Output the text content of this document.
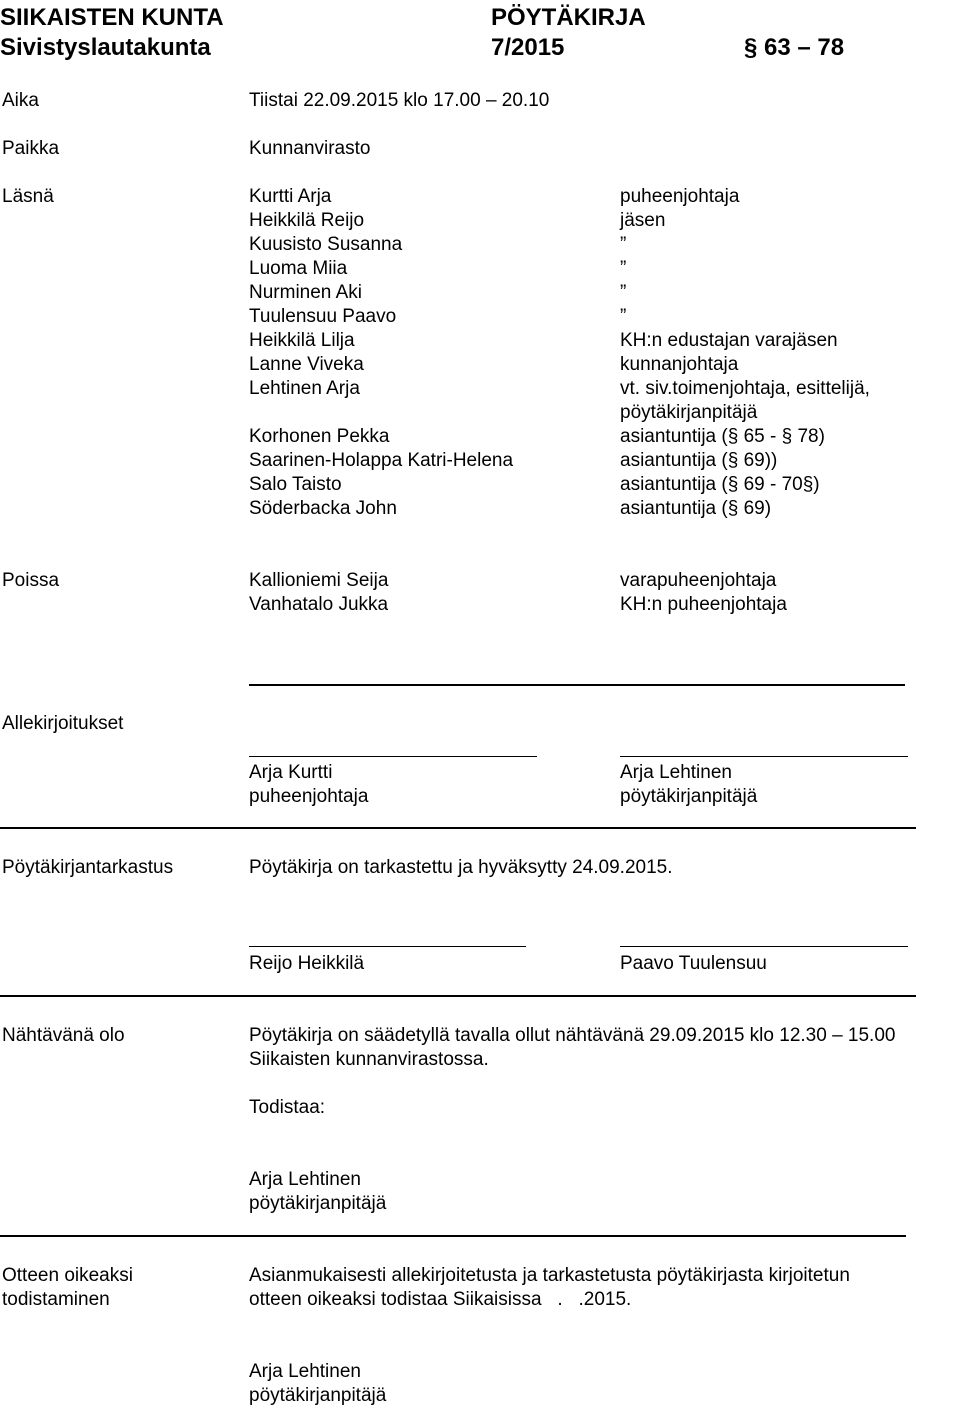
SIIKAISTEN KUNTA	PÖYTÄKIRJA
Sivistyslautakunta	7/2015	§ 63 – 78
Aika	Tiistai 22.09.2015 klo 17.00 – 20.10
Paikka	Kunnanvirasto
Läsnä	Kurtti Arja	puheenjohtaja
Heikkilä Reijo	jäsen
Kuusisto Susanna	”
Luoma Miia	”
Nurminen Aki	”
Tuulensuu Paavo	”
Heikkilä Lilja	KH:n edustajan varajäsen
Lanne Viveka	kunnanjohtaja
Lehtinen Arja	vt. siv.toimenjohtaja, esittelijä,
pöytäkirjanpitäjä
Korhonen Pekka	asiantuntija (§ 65 - § 78)
Saarinen-Holappa Katri-Helena	asiantuntija (§ 69))
Salo Taisto	asiantuntija (§ 69 - 70§)
Söderbacka John	asiantuntija (§ 69)
Poissa	Kallioniemi Seija	varapuheenjohtaja
Vanhatalo Jukka	KH:n puheenjohtaja
Allekirjoitukset
Arja Kurtti
puheenjohtaja
Arja Lehtinen
pöytäkirjanpitäjä
Pöytäkirjantarkastus	Pöytäkirja on tarkastettu ja hyväksytty 24.09.2015.
Reijo Heikkilä	Paavo Tuulensuu
Nähtävänä olo	Pöytäkirja on säädetyllä tavalla ollut nähtävänä 29.09.2015 klo 12.30 – 15.00
Siikaisten kunnanvirastossa.
Todistaa:
Arja Lehtinen
pöytäkirjanpitäjä
Otteen oikeaksi
todistaminen
Asianmukaisesti allekirjoitetusta ja tarkastetusta pöytäkirjasta kirjoitetun
otteen oikeaksi todistaa Siikaisissa   .   .2015.
Arja Lehtinen
pöytäkirjanpitäjä
